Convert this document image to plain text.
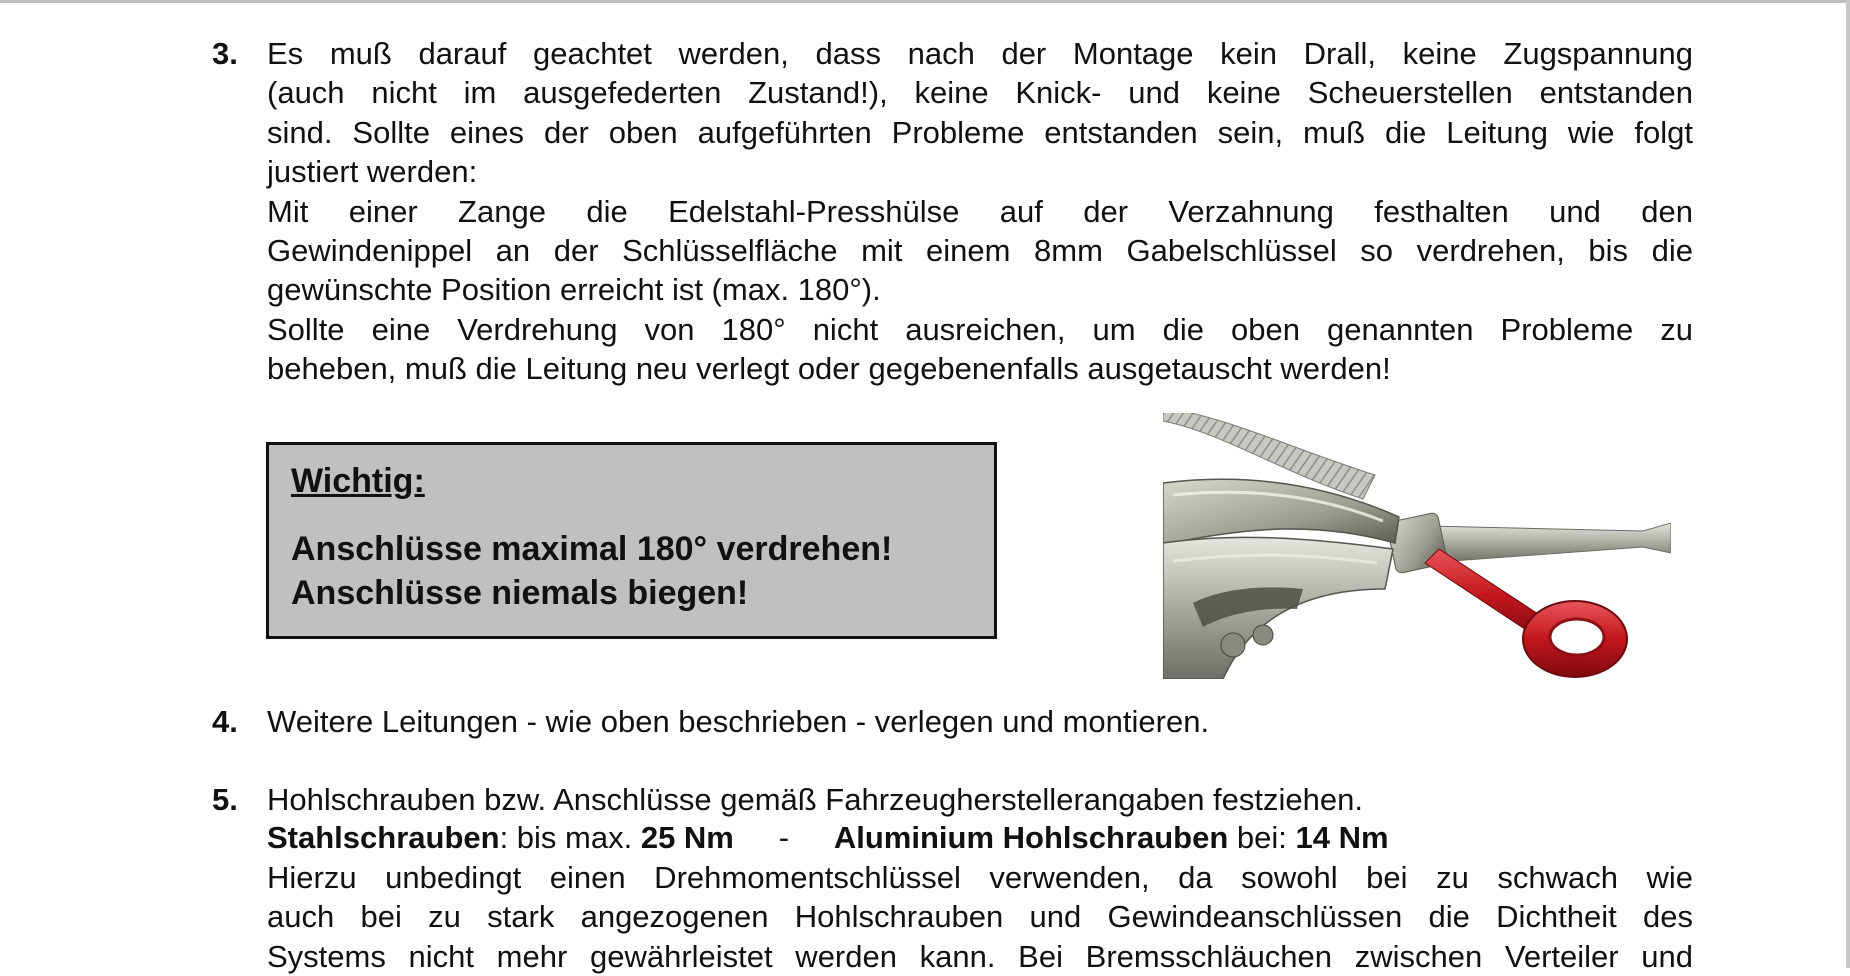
3. Es muß darauf geachtet werden, dass nach der Montage kein Drall, keine Zugspannung
(auch nicht im ausgefederten Zustand!), keine Knick- und keine Scheuerstellen entstanden
sind. Sollte eines der oben aufgeführten Probleme entstanden sein, muß die Leitung wie folgt
justiert werden:
Mit einer Zange die Edelstahl-Presshülse auf der Verzahnung festhalten und den
Gewindenippel an der Schlüsselfläche mit einem 8mm Gabelschlüssel so verdrehen, bis die
gewünschte Position erreicht ist (max. 180°).
Sollte eine Verdrehung von 180° nicht ausreichen, um die oben genannten Probleme zu
beheben, muß die Leitung neu verlegt oder gegebenenfalls ausgetauscht werden!
Wichtig:
Anschlüsse maximal 180° verdrehen!
Anschlüsse niemals biegen!
4. Weitere Leitungen - wie oben beschrieben - verlegen und montieren.
5. Hohlschrauben bzw. Anschlüsse gemäß Fahrzeugherstellerangaben festziehen.
Stahlschrauben: bis max. 25 Nm - Aluminium Hohlschrauben bei: 14 Nm
Hierzu unbedingt einen Drehmomentschlüssel verwenden, da sowohl bei zu schwach wie
auch bei zu stark angezogenen Hohlschrauben und Gewindeanschlüssen die Dichtheit des
Systems nicht mehr gewährleistet werden kann. Bei Bremsschläuchen zwischen Verteiler und
